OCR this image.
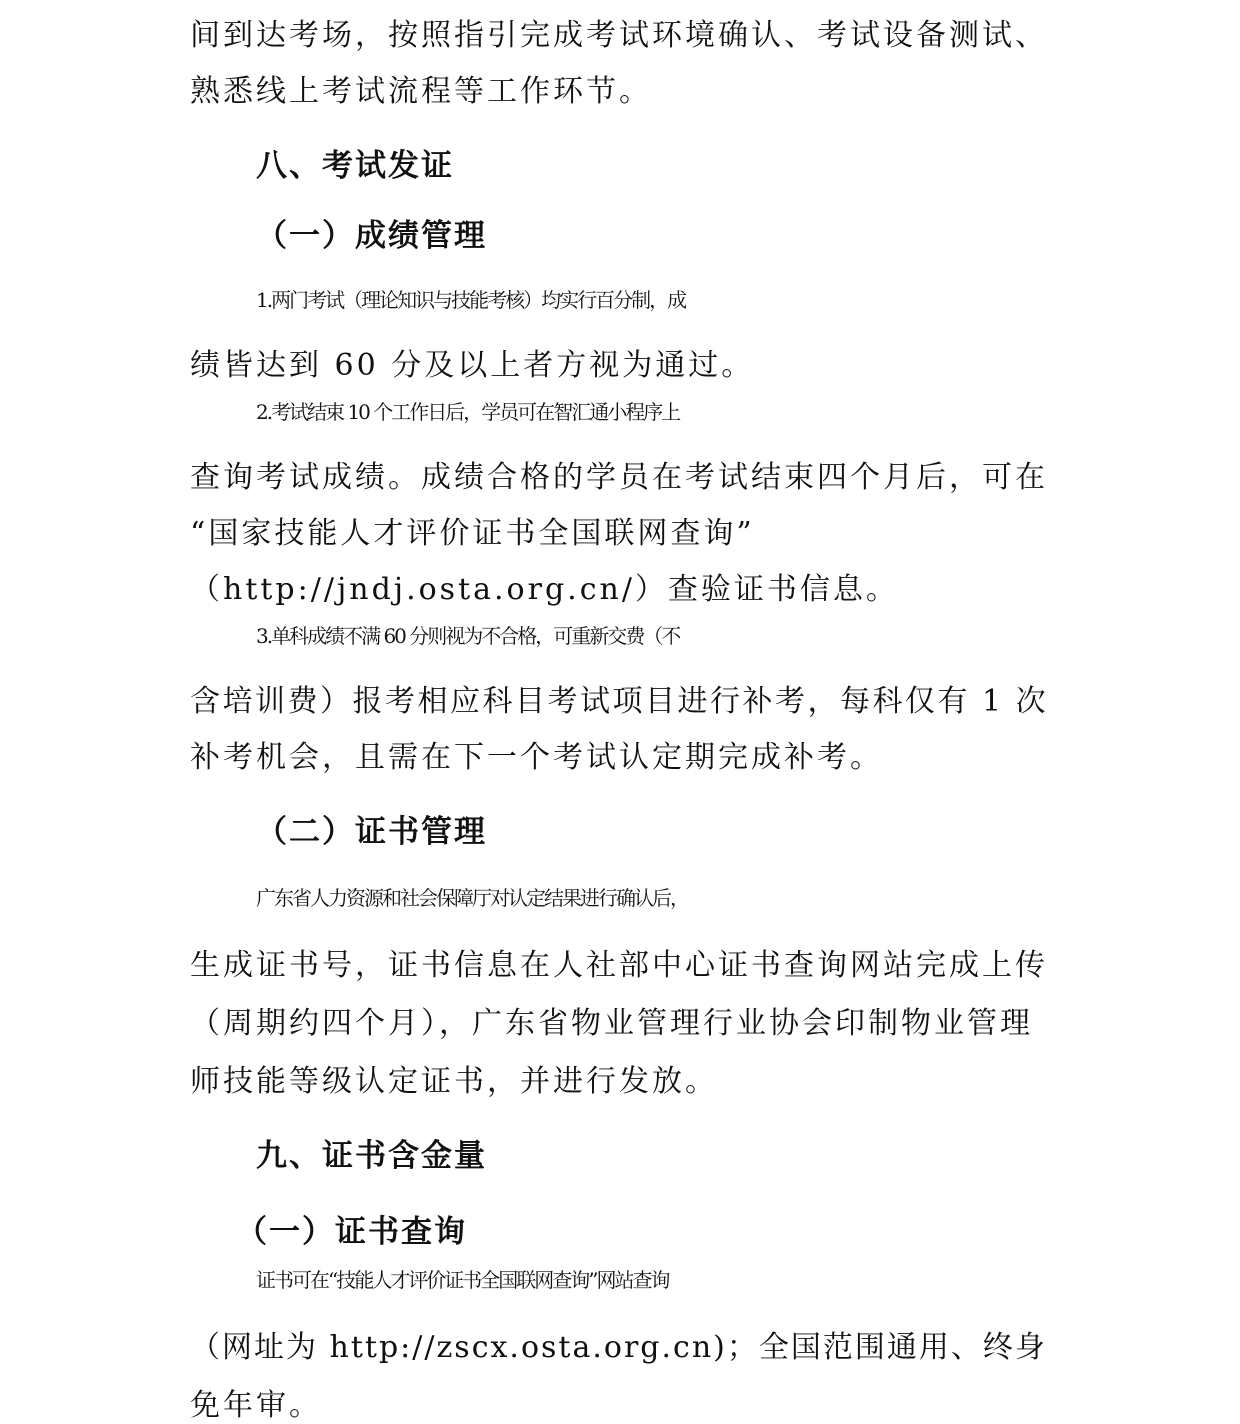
间到达考场，按照指引完成考试环境确认、考试设备测试、
熟悉线上考试流程等工作环节。
八、考试发证
（一）成绩管理
1.两门考试（理论知识与技能考核）均实行百分制，成
绩皆达到 60 分及以上者方视为通过。
2.考试结束 10 个工作日后，学员可在智汇通小程序上
查询考试成绩。成绩合格的学员在考试结束四个月后，可在
“国家技能人才评价证书全国联网查询”
（http://jndj.osta.org.cn/）查验证书信息。
3.单科成绩不满 60 分则视为不合格，可重新交费（不
含培训费）报考相应科目考试项目进行补考，每科仅有 1 次
补考机会，且需在下一个考试认定期完成补考。
（二）证书管理
广东省人力资源和社会保障厅对认定结果进行确认后，
生成证书号，证书信息在人社部中心证书查询网站完成上传
（周期约四个月），广东省物业管理行业协会印制物业管理
师技能等级认定证书，并进行发放。
九、证书含金量
（一）证书查询
证书可在“技能人才评价证书全国联网查询”网站查询
（网址为 http://zscx.osta.org.cn)；全国范围通用、终身
免年审。
